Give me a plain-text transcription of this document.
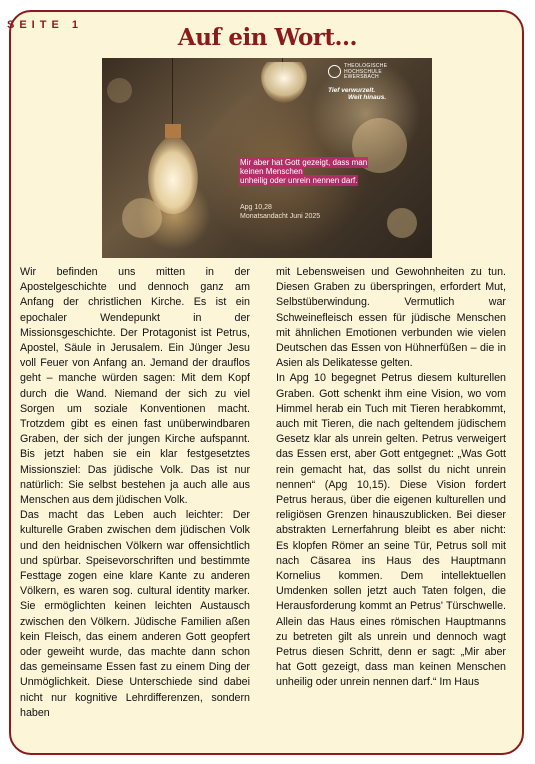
SEITE 1	Auf ein Wort...
THEOLOGISCHE
HOCHSCHULE
EWERSBACH
Tief verwurzelt.
Weit hinaus.
Mir aber hat Gott gezeigt, dass man
keinen Menschen
unheilig oder unrein nennen darf.
Apg 10,28
Monatsandacht Juni 2025

Wir befinden uns mitten in der Apostelgeschichte und dennoch ganz am Anfang der christlichen Kirche. Es ist ein epochaler Wendepunkt in der Missionsgeschichte. Der Protagonist ist Petrus, Apostel, Säule in Jerusalem. Ein Jünger Jesu voll Feuer von Anfang an. Jemand der drauflos geht – manche würden sagen: Mit dem Kopf durch die Wand. Niemand der sich zu viel Sorgen um soziale Konventionen macht. Trotzdem gibt es einen fast unüberwindbaren Graben, der sich der jungen Kirche aufspannt. Bis jetzt haben sie ein klar festgesetztes Missionsziel: Das jüdische Volk. Das ist nur natürlich: Sie selbst bestehen ja auch alle aus Menschen aus dem jüdischen Volk.

Das macht das Leben auch leichter: Der kulturelle Graben zwischen dem jüdischen Volk und den heidnischen Völkern war offensichtlich und spürbar. Speisevorschriften und bestimmte Festtage zogen eine klare Kante zu anderen Völkern, es waren sog. cultural identity marker. Sie ermöglichten keinen leichten Austausch zwischen den Völkern. Jüdische Familien aßen kein Fleisch, das einem anderen Gott geopfert oder geweiht wurde, das machte dann schon das gemeinsame Essen fast zu einem Ding der Unmöglichkeit. Diese Unterschiede sind dabei nicht nur kognitive Lehrdifferenzen, sondern haben

mit Lebensweisen und Gewohnheiten zu tun. Diesen Graben zu überspringen, erfordert Mut, Selbstüberwindung. Vermutlich war Schweinefleisch essen für jüdische Menschen mit ähnlichen Emotionen verbunden wie vielen Deutschen das Essen von Hühnerfüßen – die in Asien als Delikatesse gelten.

In Apg 10 begegnet Petrus diesem kulturellen Graben. Gott schenkt ihm eine Vision, wo vom Himmel herab ein Tuch mit Tieren herabkommt, auch mit Tieren, die nach geltendem jüdischem Gesetz klar als unrein gelten. Petrus verweigert das Essen erst, aber Gott entgegnet: „Was Gott rein gemacht hat, das sollst du nicht unrein nennen“ (Apg 10,15). Diese Vision fordert Petrus heraus, über die eigenen kulturellen und religiösen Grenzen hinauszublicken. Bei dieser abstrakten Lernerfahrung bleibt es aber nicht: Es klopfen Römer an seine Tür, Petrus soll mit nach Cäsarea ins Haus des Hauptmann Kornelius kommen. Dem intellektuellen Umdenken sollen jetzt auch Taten folgen, die Herausforderung kommt an Petrus' Türschwelle. Allein das Haus eines römischen Hauptmanns zu betreten gilt als unrein und dennoch wagt Petrus diesen Schritt, denn er sagt: „Mir aber hat Gott gezeigt, dass man keinen Menschen unheilig oder unrein nennen darf.“ Im Haus
